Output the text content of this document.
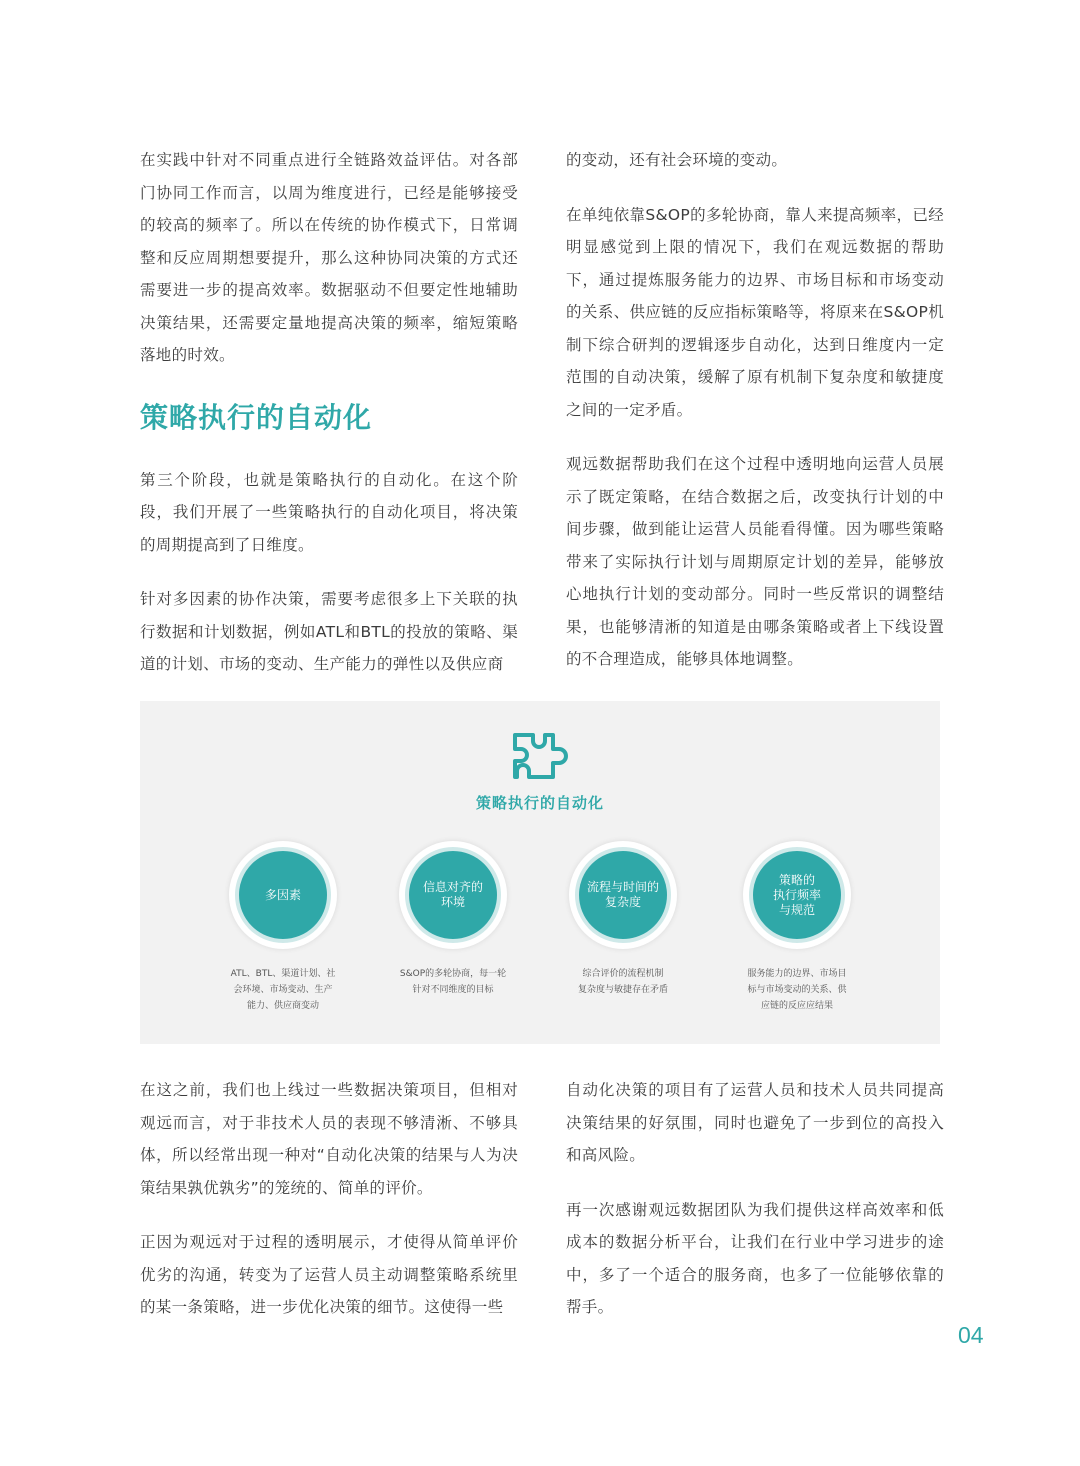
在实践中针对不同重点进行全链路效益评估。对各部门协同工作而言，以周为维度进行，已经是能够接受的较高的频率了。所以在传统的协作模式下，日常调整和反应周期想要提升，那么这种协同决策的方式还需要进一步的提高效率。数据驱动不但要定性地辅助决策结果，还需要定量地提高决策的频率，缩短策略落地的时效。

策略执行的自动化

第三个阶段，也就是策略执行的自动化。在这个阶段，我们开展了一些策略执行的自动化项目，将决策的周期提高到了日维度。

针对多因素的协作决策，需要考虑很多上下关联的执行数据和计划数据，例如ATL和BTL的投放的策略、渠道的计划、市场的变动、生产能力的弹性以及供应商

的变动，还有社会环境的变动。

在单纯依靠S&OP的多轮协商，靠人来提高频率，已经明显感觉到上限的情况下，我们在观远数据的帮助下，通过提炼服务能力的边界、市场目标和市场变动的关系、供应链的反应指标策略等，将原来在S&OP机制下综合研判的逻辑逐步自动化，达到日维度内一定范围的自动决策，缓解了原有机制下复杂度和敏捷度之间的一定矛盾。

观远数据帮助我们在这个过程中透明地向运营人员展示了既定策略，在结合数据之后，改变执行计划的中间步骤，做到能让运营人员能看得懂。因为哪些策略带来了实际执行计划与周期原定计划的差异，能够放心地执行计划的变动部分。同时一些反常识的调整结果，也能够清淅的知道是由哪条策略或者上下线设置的不合理造成，能够具体地调整。

策略执行的自动化
多因素
ATL、BTL、渠道计划、社
会环境、市场变动、生产
能力、供应商变动
信息对齐的
环境
S&OP的多轮协商，每一轮
针对不同维度的目标
流程与时间的
复杂度
综合评价的流程机制
复杂度与敏捷存在矛盾
策略的
执行频率
与规范
服务能力的边界、市场目
标与市场变动的关系、供
应链的反应应结果

在这之前，我们也上线过一些数据决策项目，但相对观远而言，对于非技术人员的表现不够清淅、不够具体，所以经常出现一种对“自动化决策的结果与人为决策结果孰优孰劣”的笼统的、简单的评价。

正因为观远对于过程的透明展示，才使得从简单评价优劣的沟通，转变为了运营人员主动调整策略系统里的某一条策略，进一步优化决策的细节。这使得一些

自动化决策的项目有了运营人员和技术人员共同提高决策结果的好氛围，同时也避免了一步到位的高投入和高风险。

再一次感谢观远数据团队为我们提供这样高效率和低成本的数据分析平台，让我们在行业中学习进步的途中，多了一个适合的服务商，也多了一位能够依靠的帮手。

04
